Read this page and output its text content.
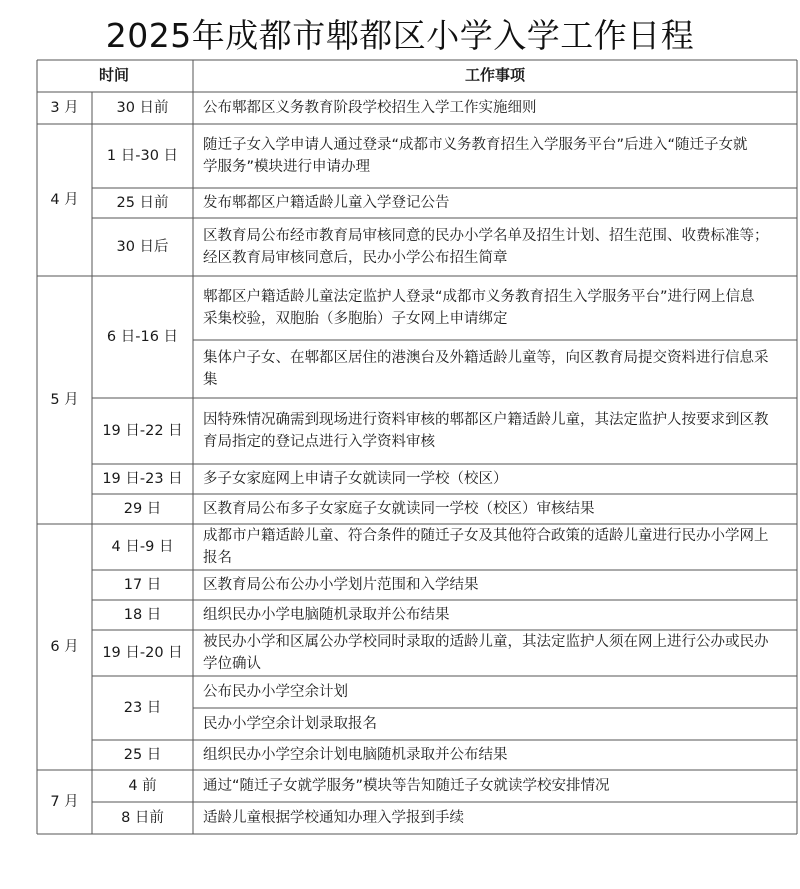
2025年成都市郫都区小学入学工作日程
时间	工作事项
公布郫都区义务教育阶段学校招生入学工作实施细则
30 日前
3 月
随迁子女入学申请人通过登录“成都市义务教育招生入学服务平台”后进入“随迁子女就
学服务”模块进行申请办理
1 日-30 日
发布郫都区户籍适龄儿童入学登记公告
25 日前
区教育局公布经市教育局审核同意的民办小学名单及招生计划、招生范围、收费标准等；
经区教育局审核同意后，民办小学公布招生简章
30 日后
4 月
郫都区户籍适龄儿童法定监护人登录“成都市义务教育招生入学服务平台”进行网上信息
采集校验，双胞胎（多胞胎）子女网上申请绑定
集体户子女、在郫都区居住的港澳台及外籍适龄儿童等，向区教育局提交资料进行信息采
集
6 日-16 日
因特殊情况确需到现场进行资料审核的郫都区户籍适龄儿童，其法定监护人按要求到区教
育局指定的登记点进行入学资料审核
19 日-22 日
多子女家庭网上申请子女就读同一学校（校区）
19 日-23 日
区教育局公布多子女家庭子女就读同一学校（校区）审核结果
29 日
5 月
成都市户籍适龄儿童、符合条件的随迁子女及其他符合政策的适龄儿童进行民办小学网上
报名
4 日-9 日
区教育局公布公办小学划片范围和入学结果
17 日
组织民办小学电脑随机录取并公布结果
18 日
被民办小学和区属公办学校同时录取的适龄儿童，其法定监护人须在网上进行公办或民办
学位确认
19 日-20 日
公布民办小学空余计划
民办小学空余计划录取报名
23 日
组织民办小学空余计划电脑随机录取并公布结果
25 日
6 月
通过“随迁子女就学服务”模块等告知随迁子女就读学校安排情况
4 前
适龄儿童根据学校通知办理入学报到手续
8 日前
7 月
